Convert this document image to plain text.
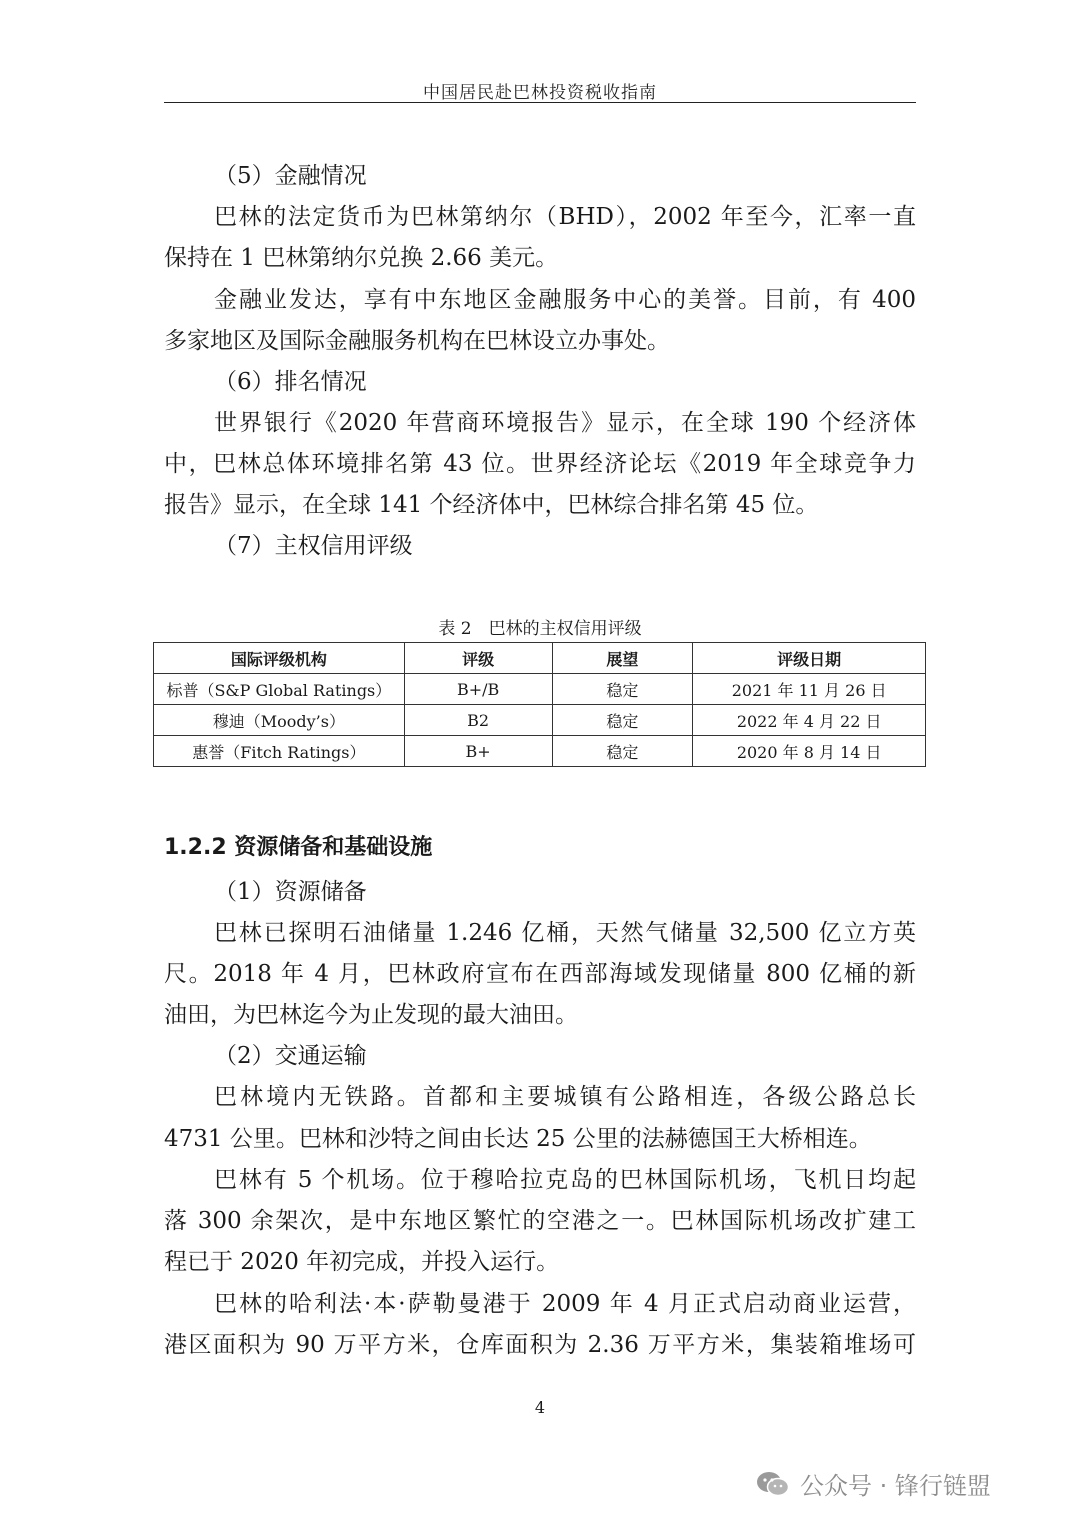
中国居民赴巴林投资税收指南
（5）金融情况
巴林的法定货币为巴林第纳尔（BHD），2002 年至今，汇率一直
保持在 1 巴林第纳尔兑换 2.66 美元。
金融业发达，享有中东地区金融服务中心的美誉。目前，有 400
多家地区及国际金融服务机构在巴林设立办事处。
（6）排名情况
世界银行《2020 年营商环境报告》显示，在全球 190 个经济体
中，巴林总体环境排名第 43 位。世界经济论坛《2019 年全球竞争力
报告》显示，在全球 141 个经济体中，巴林综合排名第 45 位。
（7）主权信用评级
表 2　巴林的主权信用评级
国际评级机构	评级	展望	评级日期
标普（S&P Global Ratings）	B+/B	稳定	2021 年 11 月 26 日
穆迪（Moody’s）	B2	稳定	2022 年 4 月 22 日
惠誉（Fitch Ratings）	B+	稳定	2020 年 8 月 14 日
1.2.2 资源储备和基础设施
（1）资源储备
巴林已探明石油储量 1.246 亿桶，天然气储量 32,500 亿立方英
尺。2018 年 4 月，巴林政府宣布在西部海域发现储量 800 亿桶的新
油田，为巴林迄今为止发现的最大油田。
（2）交通运输
巴林境内无铁路。首都和主要城镇有公路相连，各级公路总长
4731 公里。巴林和沙特之间由长达 25 公里的法赫德国王大桥相连。
巴林有 5 个机场。位于穆哈拉克岛的巴林国际机场，飞机日均起
落 300 余架次，是中东地区繁忙的空港之一。巴林国际机场改扩建工
程已于 2020 年初完成，并投入运行。
巴林的哈利法·本·萨勒曼港于 2009 年 4 月正式启动商业运营，
港区面积为 90 万平方米，仓库面积为 2.36 万平方米，集装箱堆场可
4
公众号 · 锋行链盟
